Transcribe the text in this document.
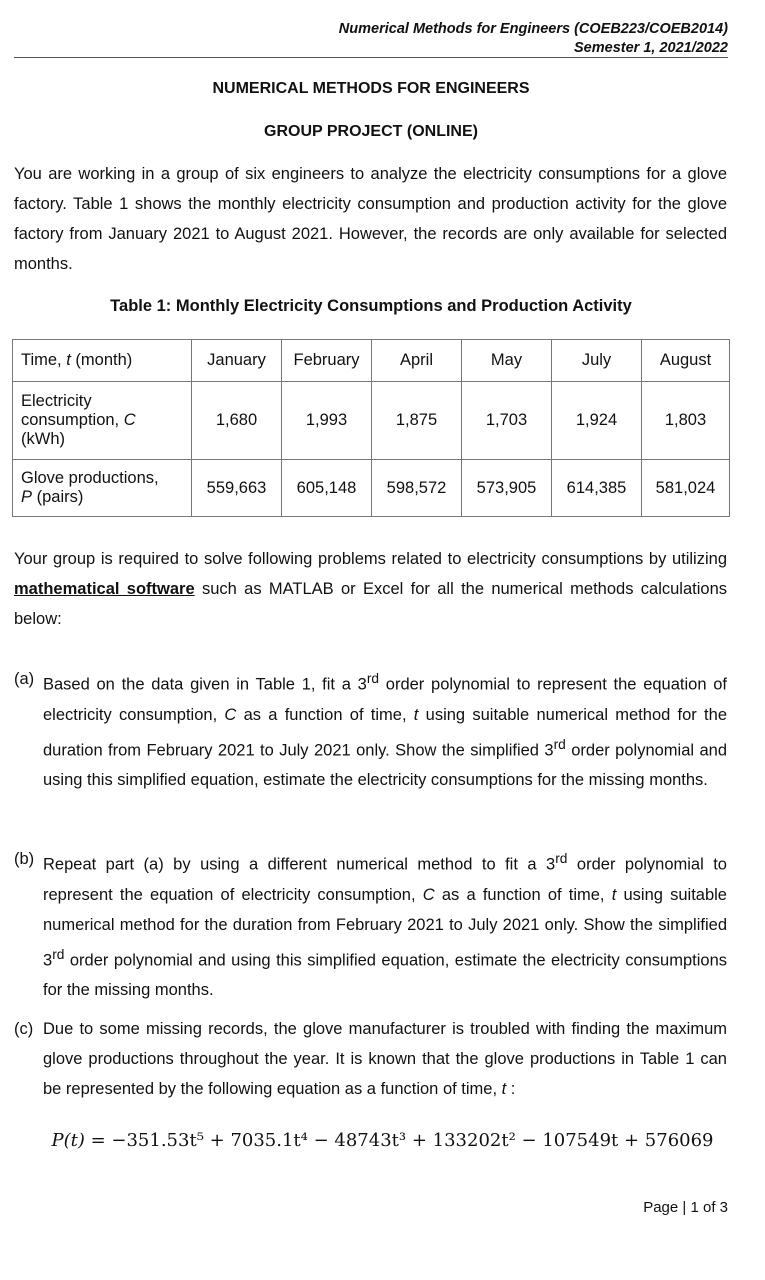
Numerical Methods for Engineers (COEB223/COEB2014)
Semester 1, 2021/2022
NUMERICAL METHODS FOR ENGINEERS
GROUP PROJECT (ONLINE)
You are working in a group of six engineers to analyze the electricity consumptions for a glove factory. Table 1 shows the monthly electricity consumption and production activity for the glove factory from January 2021 to August 2021. However, the records are only available for selected months.
Table 1: Monthly Electricity Consumptions and Production Activity
Time, t (month)	January	February	April	May	July	August

Electricity
consumption, C
(kWh)	1,680	1,993	1,875	1,703	1,924	1,803

Glove productions,
P (pairs)	559,663	605,148	598,572	573,905	614,385	581,024
Your group is required to solve following problems related to electricity consumptions by utilizing mathematical software such as MATLAB or Excel for all the numerical methods calculations below:
(a) Based on the data given in Table 1, fit a 3rd order polynomial to represent the equation of electricity consumption, C as a function of time, t using suitable numerical method for the duration from February 2021 to July 2021 only. Show the simplified 3rd order polynomial and using this simplified equation, estimate the electricity consumptions for the missing months.
(b) Repeat part (a) by using a different numerical method to fit a 3rd order polynomial to represent the equation of electricity consumption, C as a function of time, t using suitable numerical method for the duration from February 2021 to July 2021 only. Show the simplified 3rd order polynomial and using this simplified equation, estimate the electricity consumptions for the missing months.
(c) Due to some missing records, the glove manufacturer is troubled with finding the maximum glove productions throughout the year. It is known that the glove productions in Table 1 can be represented by the following equation as a function of time, t :
P(t) = −351.53t⁵ + 7035.1t⁴ − 48743t³ + 133202t² − 107549t + 576069
Page | 1 of 3
